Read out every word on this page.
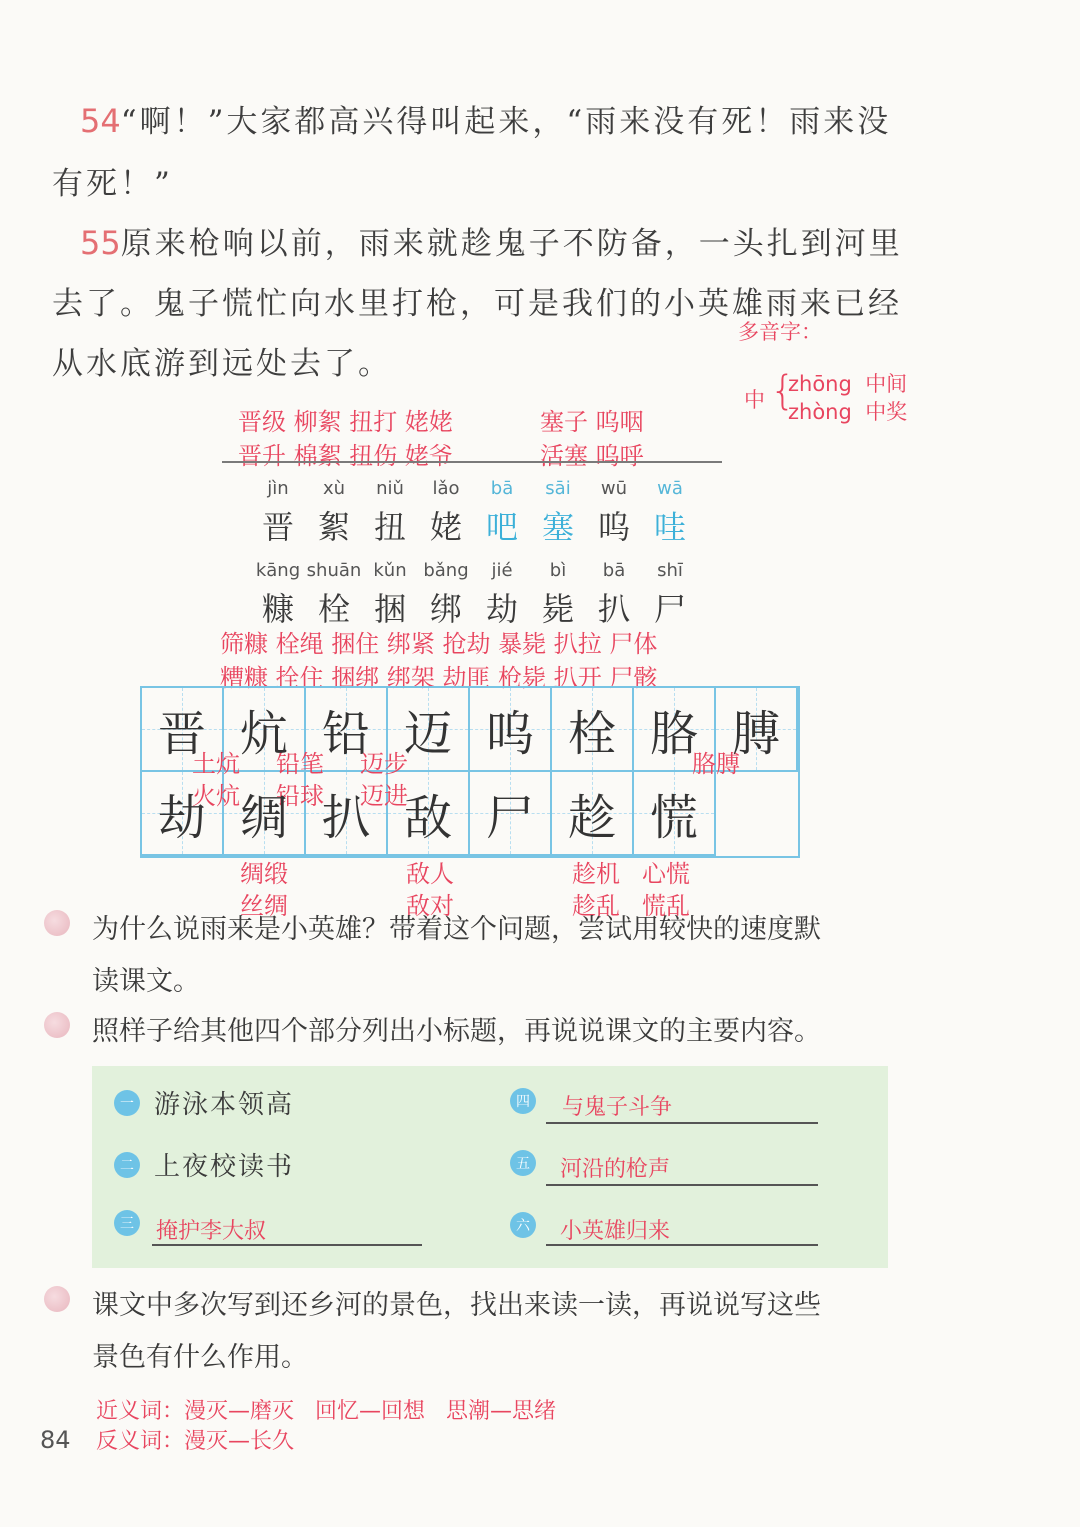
54“啊！”大家都高兴得叫起来，“雨来没有死！雨来没
有死！”
55原来枪响以前，雨来就趁鬼子不防备，一头扎到河里
去了。鬼子慌忙向水里打枪，可是我们的小英雄雨来已经
从水底游到远处去了。
多音字：
中 {
zhōng 中间
zhòng 中奖
晋级 柳絮 扭打 姥姥
晋升 棉絮 扭伤 姥爷
塞子 呜咽
活塞 呜呼
jìn
晋
xù
絮
niǔ
扭
lǎo
姥
bā
吧
sāi
塞
wū
呜
wā
哇
kāng
糠
shuān
栓
kǔn
捆
bǎng
绑
jié
劫
bì
毙
bā
扒
shī
尸
筛糠 栓绳 捆住 绑紧 抢劫 暴毙 扒拉 尸体
糟糠 拴住 捆绑 绑架 劫匪 枪毙 扒开 尸骸
晋 炕 铅 迈 呜 栓 胳 膊
劫 绸 扒 敌 尸 趁 慌
土炕
火炕
铅笔
铅球
迈步
迈进
胳膊
绸缎
丝绸
敌人
敌对
趁机
趁乱
心慌
慌乱
为什么说雨来是小英雄？带着这个问题，尝试用较快的速度默
读课文。
照样子给其他四个部分列出小标题，再说说课文的主要内容。
一 游泳本领高
二 上夜校读书
三 掩护李大叔
四 与鬼子斗争
五 河沿的枪声
六 小英雄归来
课文中多次写到还乡河的景色，找出来读一读，再说说写这些
景色有什么作用。
近义词：漫灭—磨灭   回忆—回想   思潮—思绪
反义词：漫灭—长久
84
